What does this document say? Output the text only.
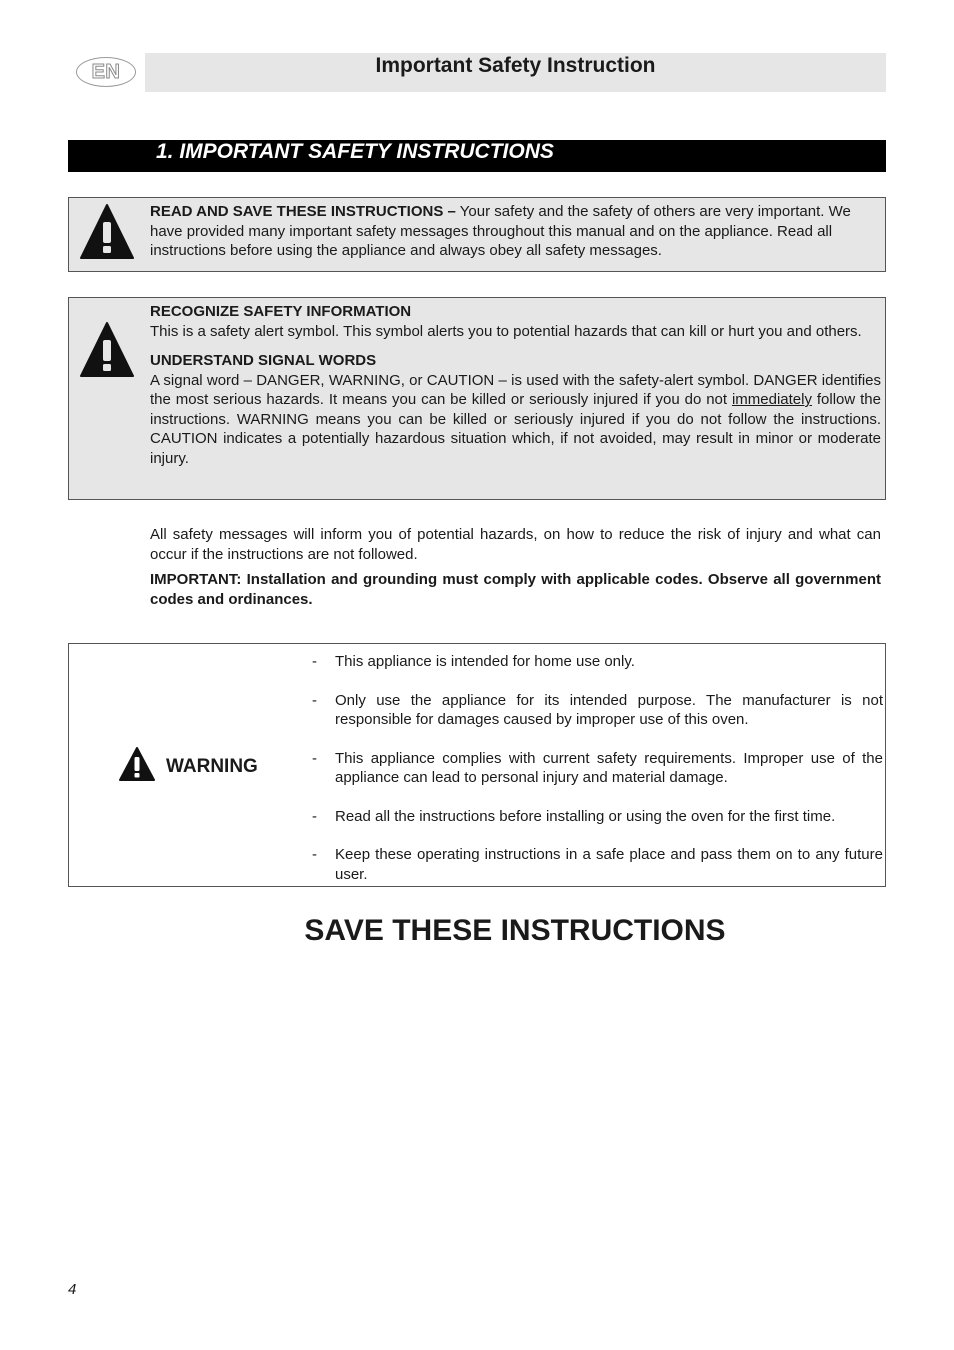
EN	Important Safety Instruction
1. IMPORTANT SAFETY INSTRUCTIONS
READ AND SAVE THESE INSTRUCTIONS – Your safety and the safety of others are very important. We have provided many important safety messages throughout this manual and on the appliance. Read all instructions before using the appliance and always obey all safety messages.
RECOGNIZE SAFETY INFORMATION
This is a safety alert symbol. This symbol alerts you to potential hazards that can kill or hurt you and others.
UNDERSTAND SIGNAL WORDS
A signal word – DANGER, WARNING, or CAUTION – is used with the safety-alert symbol. DANGER identifies the most serious hazards. It means you can be killed or seriously injured if you do not immediately follow the instructions. WARNING means you can be killed or seriously injured if you do not follow the instructions. CAUTION indicates a potentially hazardous situation which, if not avoided, may result in minor or moderate injury.

All safety messages will inform you of potential hazards, on how to reduce the risk of injury and what can occur if the instructions are not followed.

IMPORTANT: Installation and grounding must comply with applicable codes. Observe all government codes and ordinances.

WARNING
- This appliance is intended for home use only.
- Only use the appliance for its intended purpose. The manufacturer is not responsible for damages caused by improper use of this oven.
- This appliance complies with current safety requirements. Improper use of the appliance can lead to personal injury and material damage.
- Read all the instructions before installing or using the oven for the first time.
- Keep these operating instructions in a safe place and pass them on to any future user.
SAVE THESE INSTRUCTIONS
4
